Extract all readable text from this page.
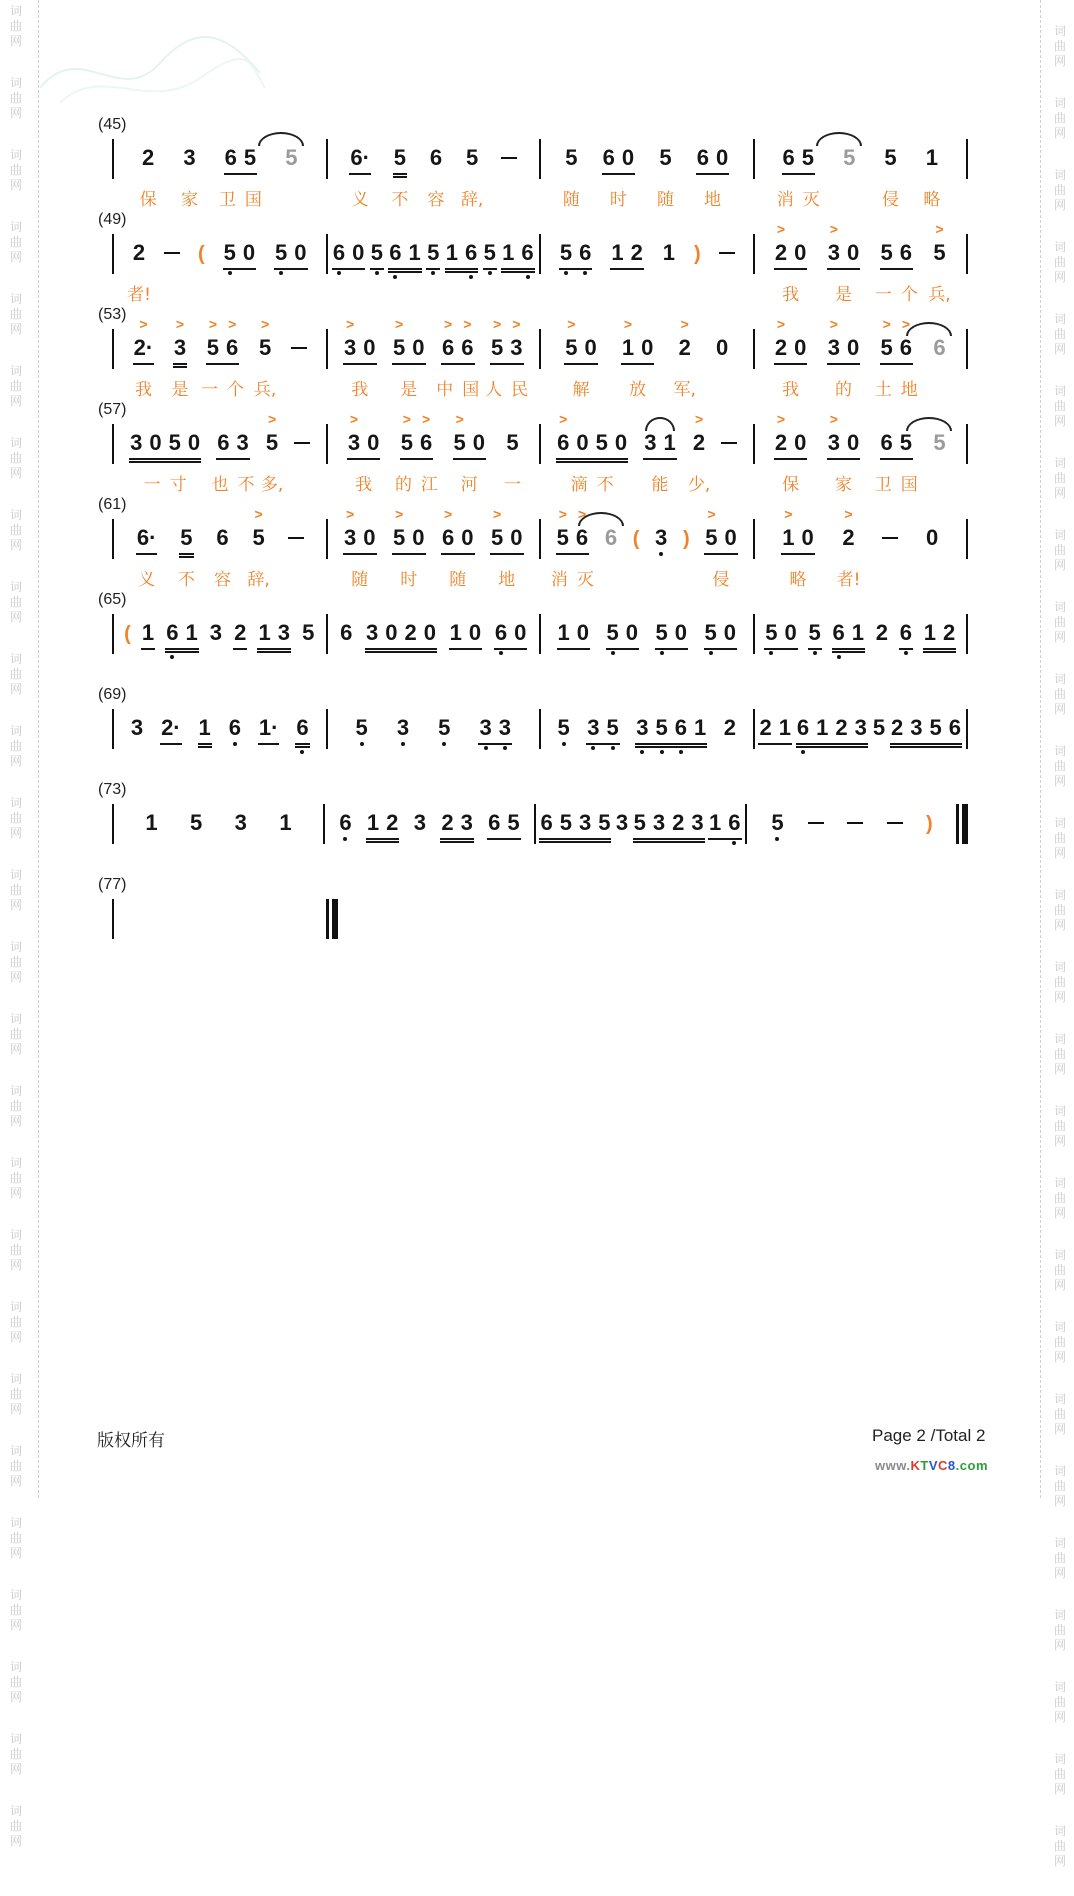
词
曲
网
词
曲
网
词
曲
网
词
曲
网
词
曲
网
词
曲
网
词
曲
网
词
曲
网
词
曲
网
词
曲
网
词
曲
网
词
曲
网
词
曲
网
词
曲
网
词
曲
网
词
曲
网
词
曲
网
词
曲
网
词
曲
网
词
曲
网
词
曲
网
词
曲
网
词
曲
网
词
曲
网
词
曲
网
词
曲
网
词
曲
网
词
曲
网
词
曲
网
词
曲
网
词
曲
网
词
曲
网
词
曲
网
词
曲
网
词
曲
网
词
曲
网
词
曲
网
词
曲
网
词
曲
网
词
曲
网
词
曲
网
词
曲
网
词
曲
网
词
曲
网
词
曲
网
词
曲
网
词
曲
网
词
曲
网
词
曲
网
词
曲
网
词
曲
网
词
曲
网
(45)
2
保
3
家
6 5
卫国
5 6·
义
5
不
6
容
5
辞,
5
随
6 0
时
5
随
6 0
地
6 5
消灭
5 5
侵
1
略
(49)
2
者!
( 5 0 5 0 6 0 5 6 1 5 1 6 5 1 6 5 6 1 2 1 )	2
>
0
我
3
>
0
是
5 6
一个
5
>
兵,
(53)
2·
>
我
3
>
是
5
>
6
>
一个
5
>
兵,
3
>
0
我
5
>
0
是
6
>
6
>
中国
5
>
3
>
人民
5
>
0
解
1
>
0
放
2
>
军,
0 2
>
0
我
3
>
0
的
5
>
6
>
土地
6
(57)
3 0 5 0
一寸
6 3
也不
5
>
多,
3
>
0
我
5
>
6
>
的江
5
>
0
河
5
一
6
>
0 5 0
滴不
3 1
能
2
>
少,
2
>
0
保
3
>
0
家
6 5
卫国
5
(61)
6·
义
5
不
6
容
5
>
辞,
3
>
0
随
5
>
0
时
6
>
0
随
5
>
0
地
5
>
6
>
消灭
6 ( 3 ) 5
>
0
侵
1
>
0
略
2
>
者!
0
(65)
( 1 6 1 3 2 1 3 5 6 3 0 2 0 1 0 6 0 1 0 5 0 5 0 5 0 5 0 5 6 1 2 6 1 2
(69)
3 2· 1 6 1· 6 5 3 5 3 3 5 3 5 3 5 6 1 2 2 1 6 1 2 3 5 2 3 5 6
(73)
1 5 3 1 6 1 2 3 2 3 6 5 6 5 3 5 3 5 3 2 3 1 6 5	)
(77)
版权所有	Page 2 /Total 2
www.KTVC8.com
